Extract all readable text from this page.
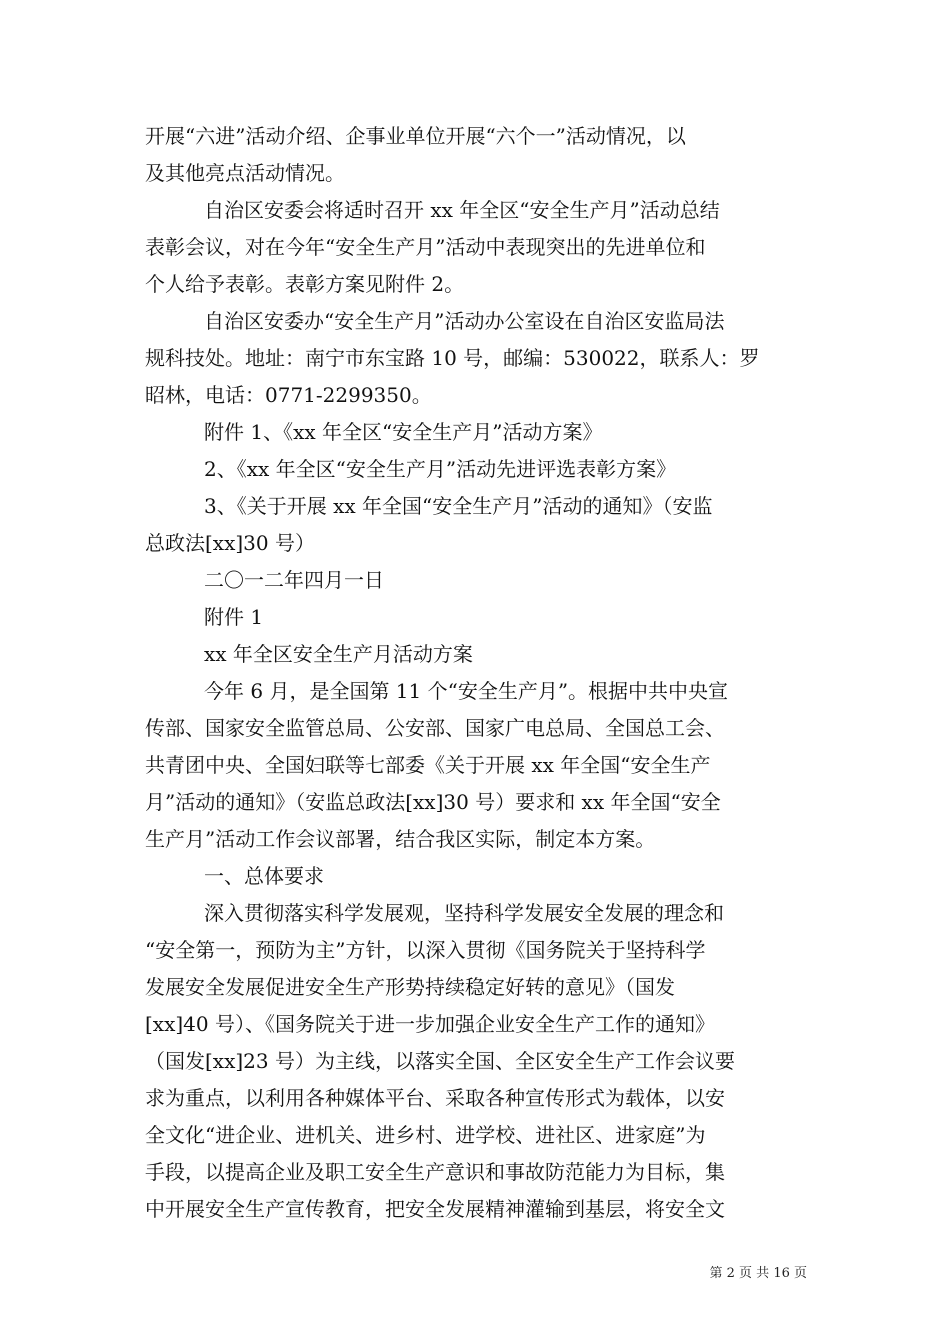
开展“六进”活动介绍、企事业单位开展“六个一”活动情况，以
及其他亮点活动情况。
自治区安委会将适时召开 xx 年全区“安全生产月”活动总结
表彰会议，对在今年“安全生产月”活动中表现突出的先进单位和
个人给予表彰。表彰方案见附件 2。
自治区安委办“安全生产月”活动办公室设在自治区安监局法
规科技处。地址：南宁市东宝路 10 号，邮编：530022，联系人：罗
昭林，电话：0771-2299350。
附件 1、《xx 年全区“安全生产月”活动方案》
2、《xx 年全区“安全生产月”活动先进评选表彰方案》
3、《关于开展 xx 年全国“安全生产月”活动的通知》（安监
总政法[xx]30 号）
二〇一二年四月一日
附件 1
xx 年全区安全生产月活动方案
今年 6 月，是全国第 11 个“安全生产月”。根据中共中央宣
传部、国家安全监管总局、公安部、国家广电总局、全国总工会、
共青团中央、全国妇联等七部委《关于开展 xx 年全国“安全生产
月”活动的通知》（安监总政法[xx]30 号）要求和 xx 年全国“安全
生产月”活动工作会议部署，结合我区实际，制定本方案。
一、总体要求
深入贯彻落实科学发展观，坚持科学发展安全发展的理念和
“安全第一，预防为主”方针，以深入贯彻《国务院关于坚持科学
发展安全发展促进安全生产形势持续稳定好转的意见》（国发
[xx]40 号）、《国务院关于进一步加强企业安全生产工作的通知》
（国发[xx]23 号）为主线，以落实全国、全区安全生产工作会议要
求为重点，以利用各种媒体平台、采取各种宣传形式为载体，以安
全文化“进企业、进机关、进乡村、进学校、进社区、进家庭”为
手段，以提高企业及职工安全生产意识和事故防范能力为目标，集
中开展安全生产宣传教育，把安全发展精神灌输到基层，将安全文
第 2 页 共 16 页
